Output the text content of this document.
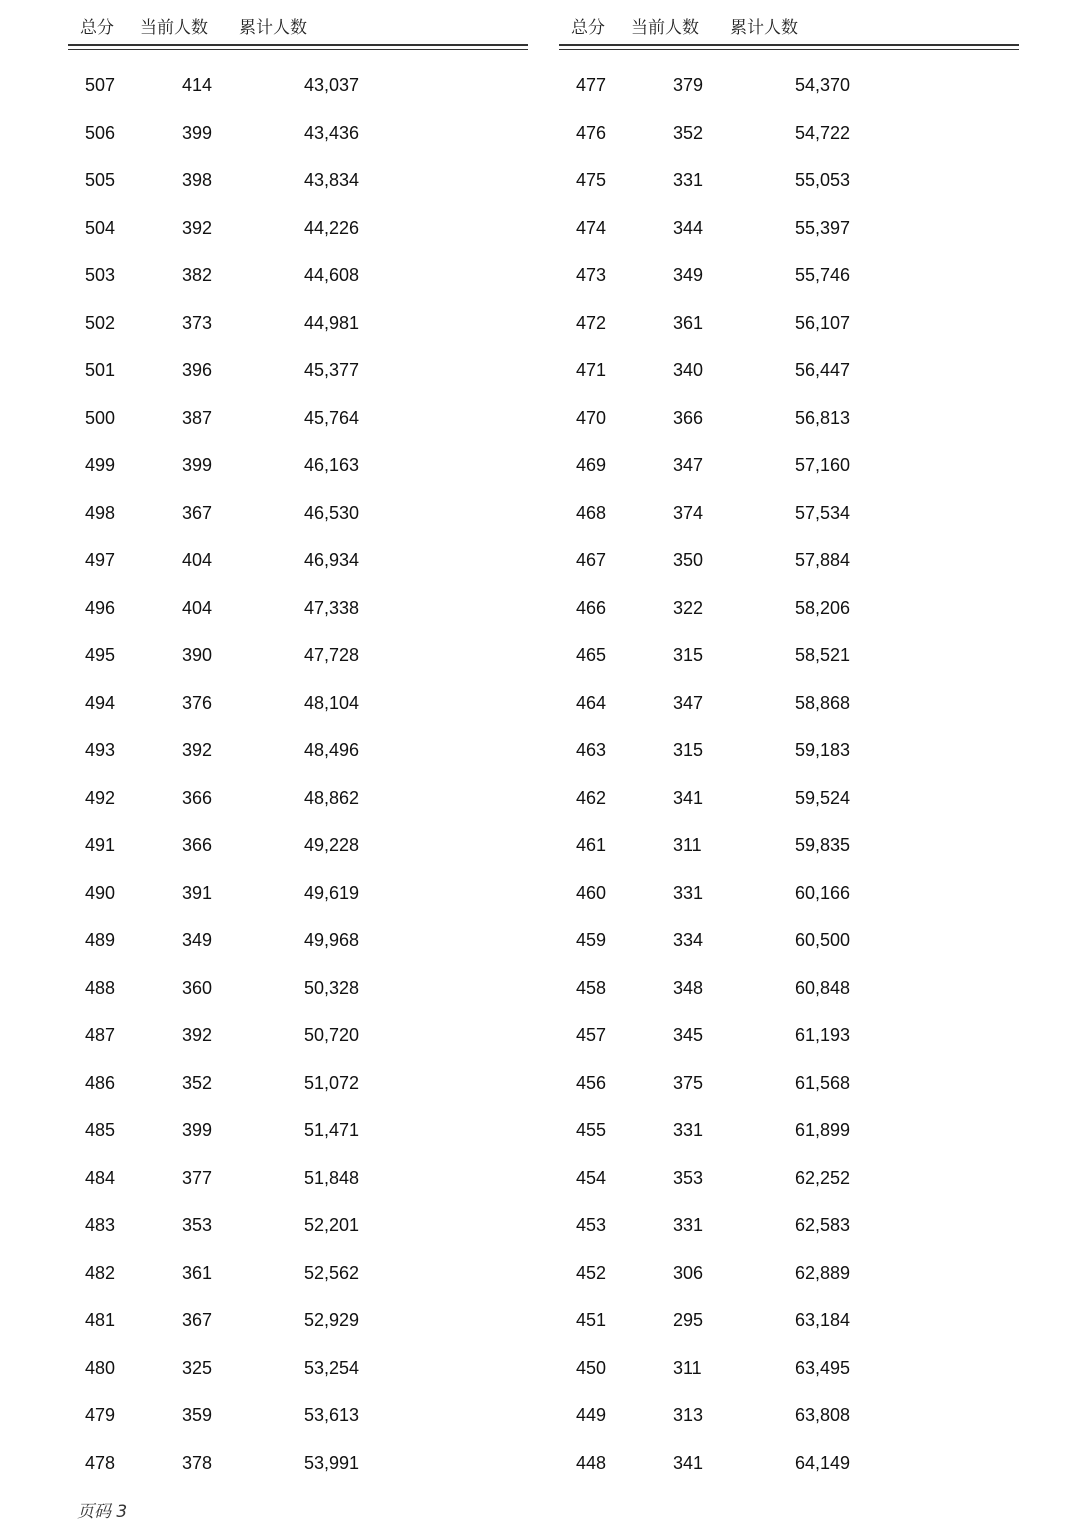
总分 当前人数 累计人数
507	414	43,037
506	399	43,436
505	398	43,834
504	392	44,226
503	382	44,608
502	373	44,981
501	396	45,377
500	387	45,764
499	399	46,163
498	367	46,530
497	404	46,934
496	404	47,338
495	390	47,728
494	376	48,104
493	392	48,496
492	366	48,862
491	366	49,228
490	391	49,619
489	349	49,968
488	360	50,328
487	392	50,720
486	352	51,072
485	399	51,471
484	377	51,848
483	353	52,201
482	361	52,562
481	367	52,929
480	325	53,254
479	359	53,613
478	378	53,991
总分 当前人数 累计人数
477	379	54,370
476	352	54,722
475	331	55,053
474	344	55,397
473	349	55,746
472	361	56,107
471	340	56,447
470	366	56,813
469	347	57,160
468	374	57,534
467	350	57,884
466	322	58,206
465	315	58,521
464	347	58,868
463	315	59,183
462	341	59,524
461	311	59,835
460	331	60,166
459	334	60,500
458	348	60,848
457	345	61,193
456	375	61,568
455	331	61,899
454	353	62,252
453	331	62,583
452	306	62,889
451	295	63,184
450	311	63,495
449	313	63,808
448	341	64,149
页码 3
